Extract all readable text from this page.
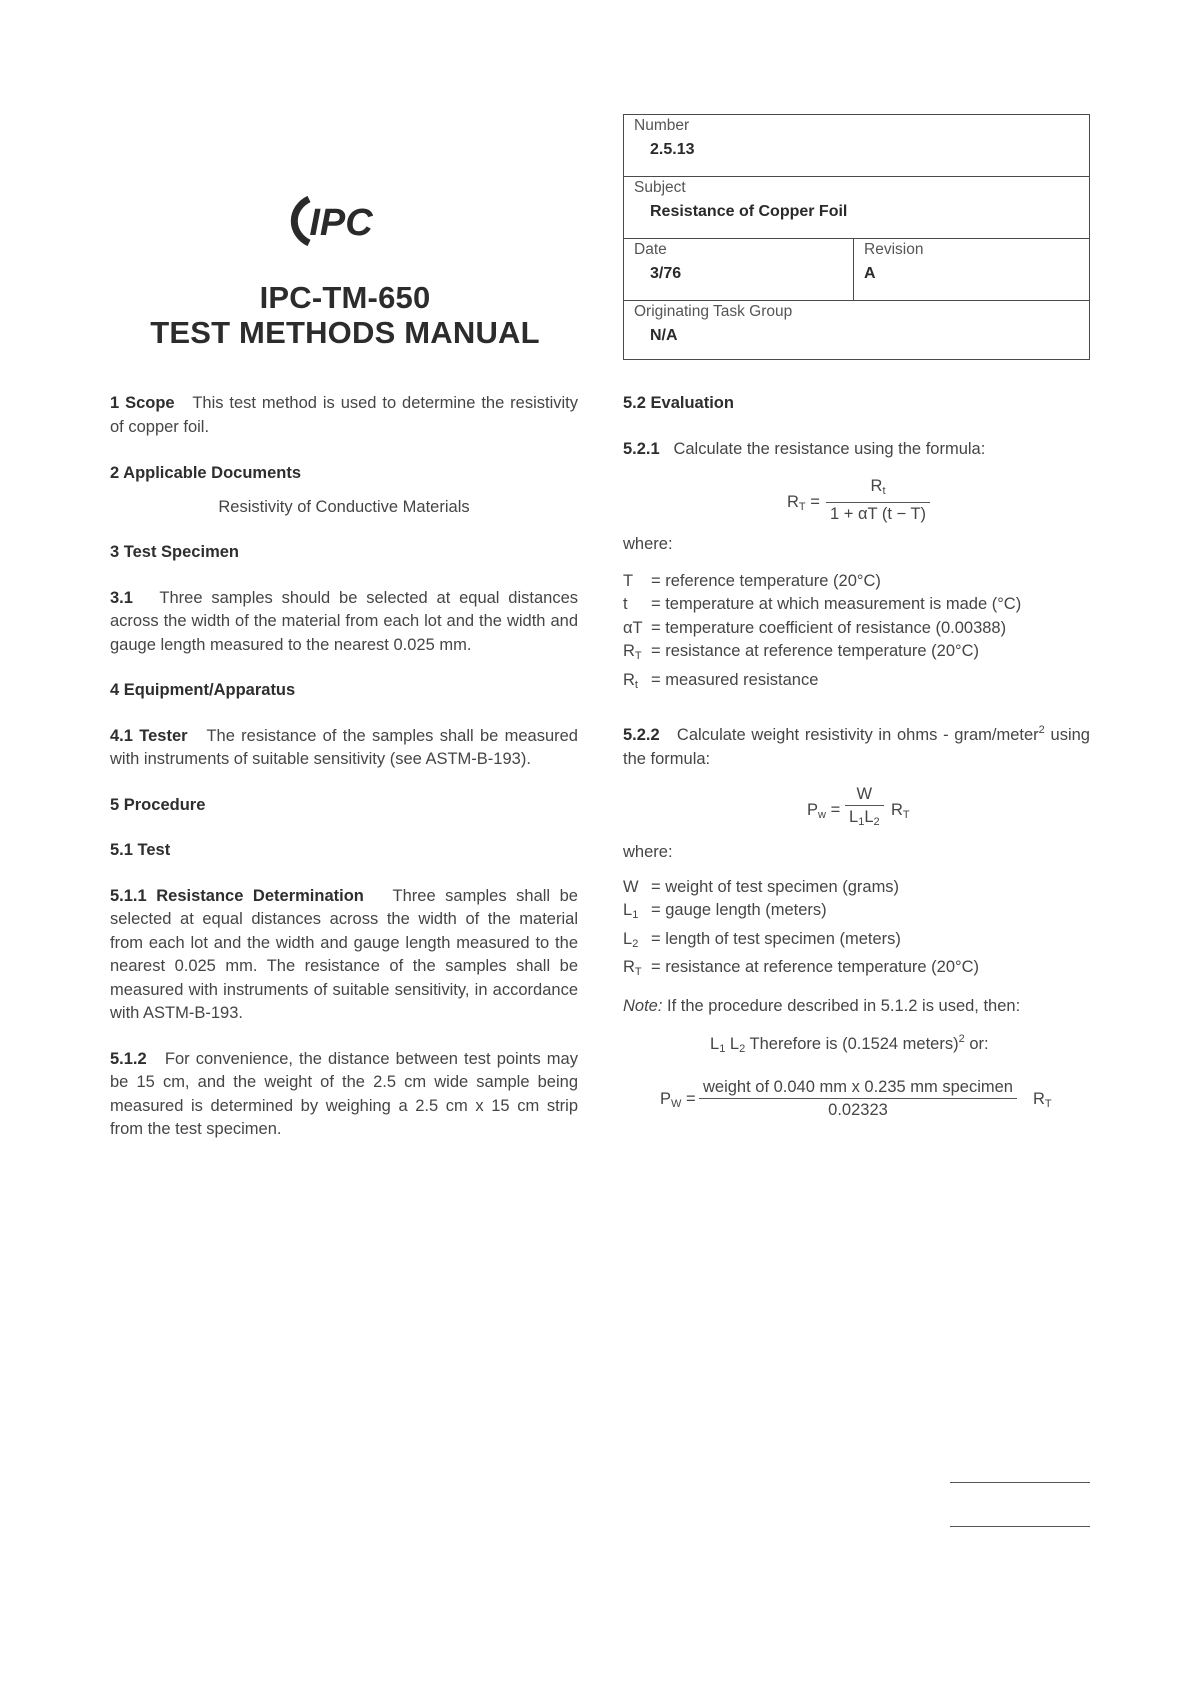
IPC
IPC-TM-650
TEST METHODS MANUAL
Number
2.5.13
Subject
Resistance of Copper Foil
Date
3/76
Revision
A
Originating Task Group
N/A

1 Scope This test method is used to determine the resistivity of copper foil.

2 Applicable Documents

Resistivity of Conductive Materials

3 Test Specimen

3.1 Three samples should be selected at equal distances across the width of the material from each lot and the width and gauge length measured to the nearest 0.025 mm.

4 Equipment/Apparatus

4.1 Tester The resistance of the samples shall be measured with instruments of suitable sensitivity (see ASTM-B-193).

5 Procedure

5.1 Test

5.1.1 Resistance Determination Three samples shall be selected at equal distances across the width of the material from each lot and the width and gauge length measured to the nearest 0.025 mm. The resistance of the samples shall be measured with instruments of suitable sensitivity, in accordance with ASTM-B-193.

5.1.2 For convenience, the distance between test points may be 15 cm, and the weight of the 2.5 cm wide sample being measured is determined by weighing a 2.5 cm x 15 cm strip from the test specimen.

5.2 Evaluation

5.2.1 Calculate the resistance using the formula:

$R_T = \frac{R_t}{1 + \alpha T (t - T)}$

where:

T	= reference temperature (20°C)
t	= temperature at which measurement is made (°C)
αT = temperature coefficient of resistance (0.00388)
$R_T$ = resistance at reference temperature (20°C)
$R_t$ = measured resistance

5.2.2 Calculate weight resistivity in ohms - gram/meter$^2$ using the formula:

$P_w = \frac{W}{L_1L_2} R_T$

where:

W = weight of test specimen (grams)
$L_1$ = gauge length (meters)
$L_2$ = length of test specimen (meters)
$R_T$ = resistance at reference temperature (20°C)

Note: If the procedure described in 5.1.2 is used, then:

$L_1$ $L_2$ Therefore is (0.1524 meters)$^2$ or:

$P_W$ =
weight of 0.040 mm x 0.235 mm specimen
0.02323
$R_T$
